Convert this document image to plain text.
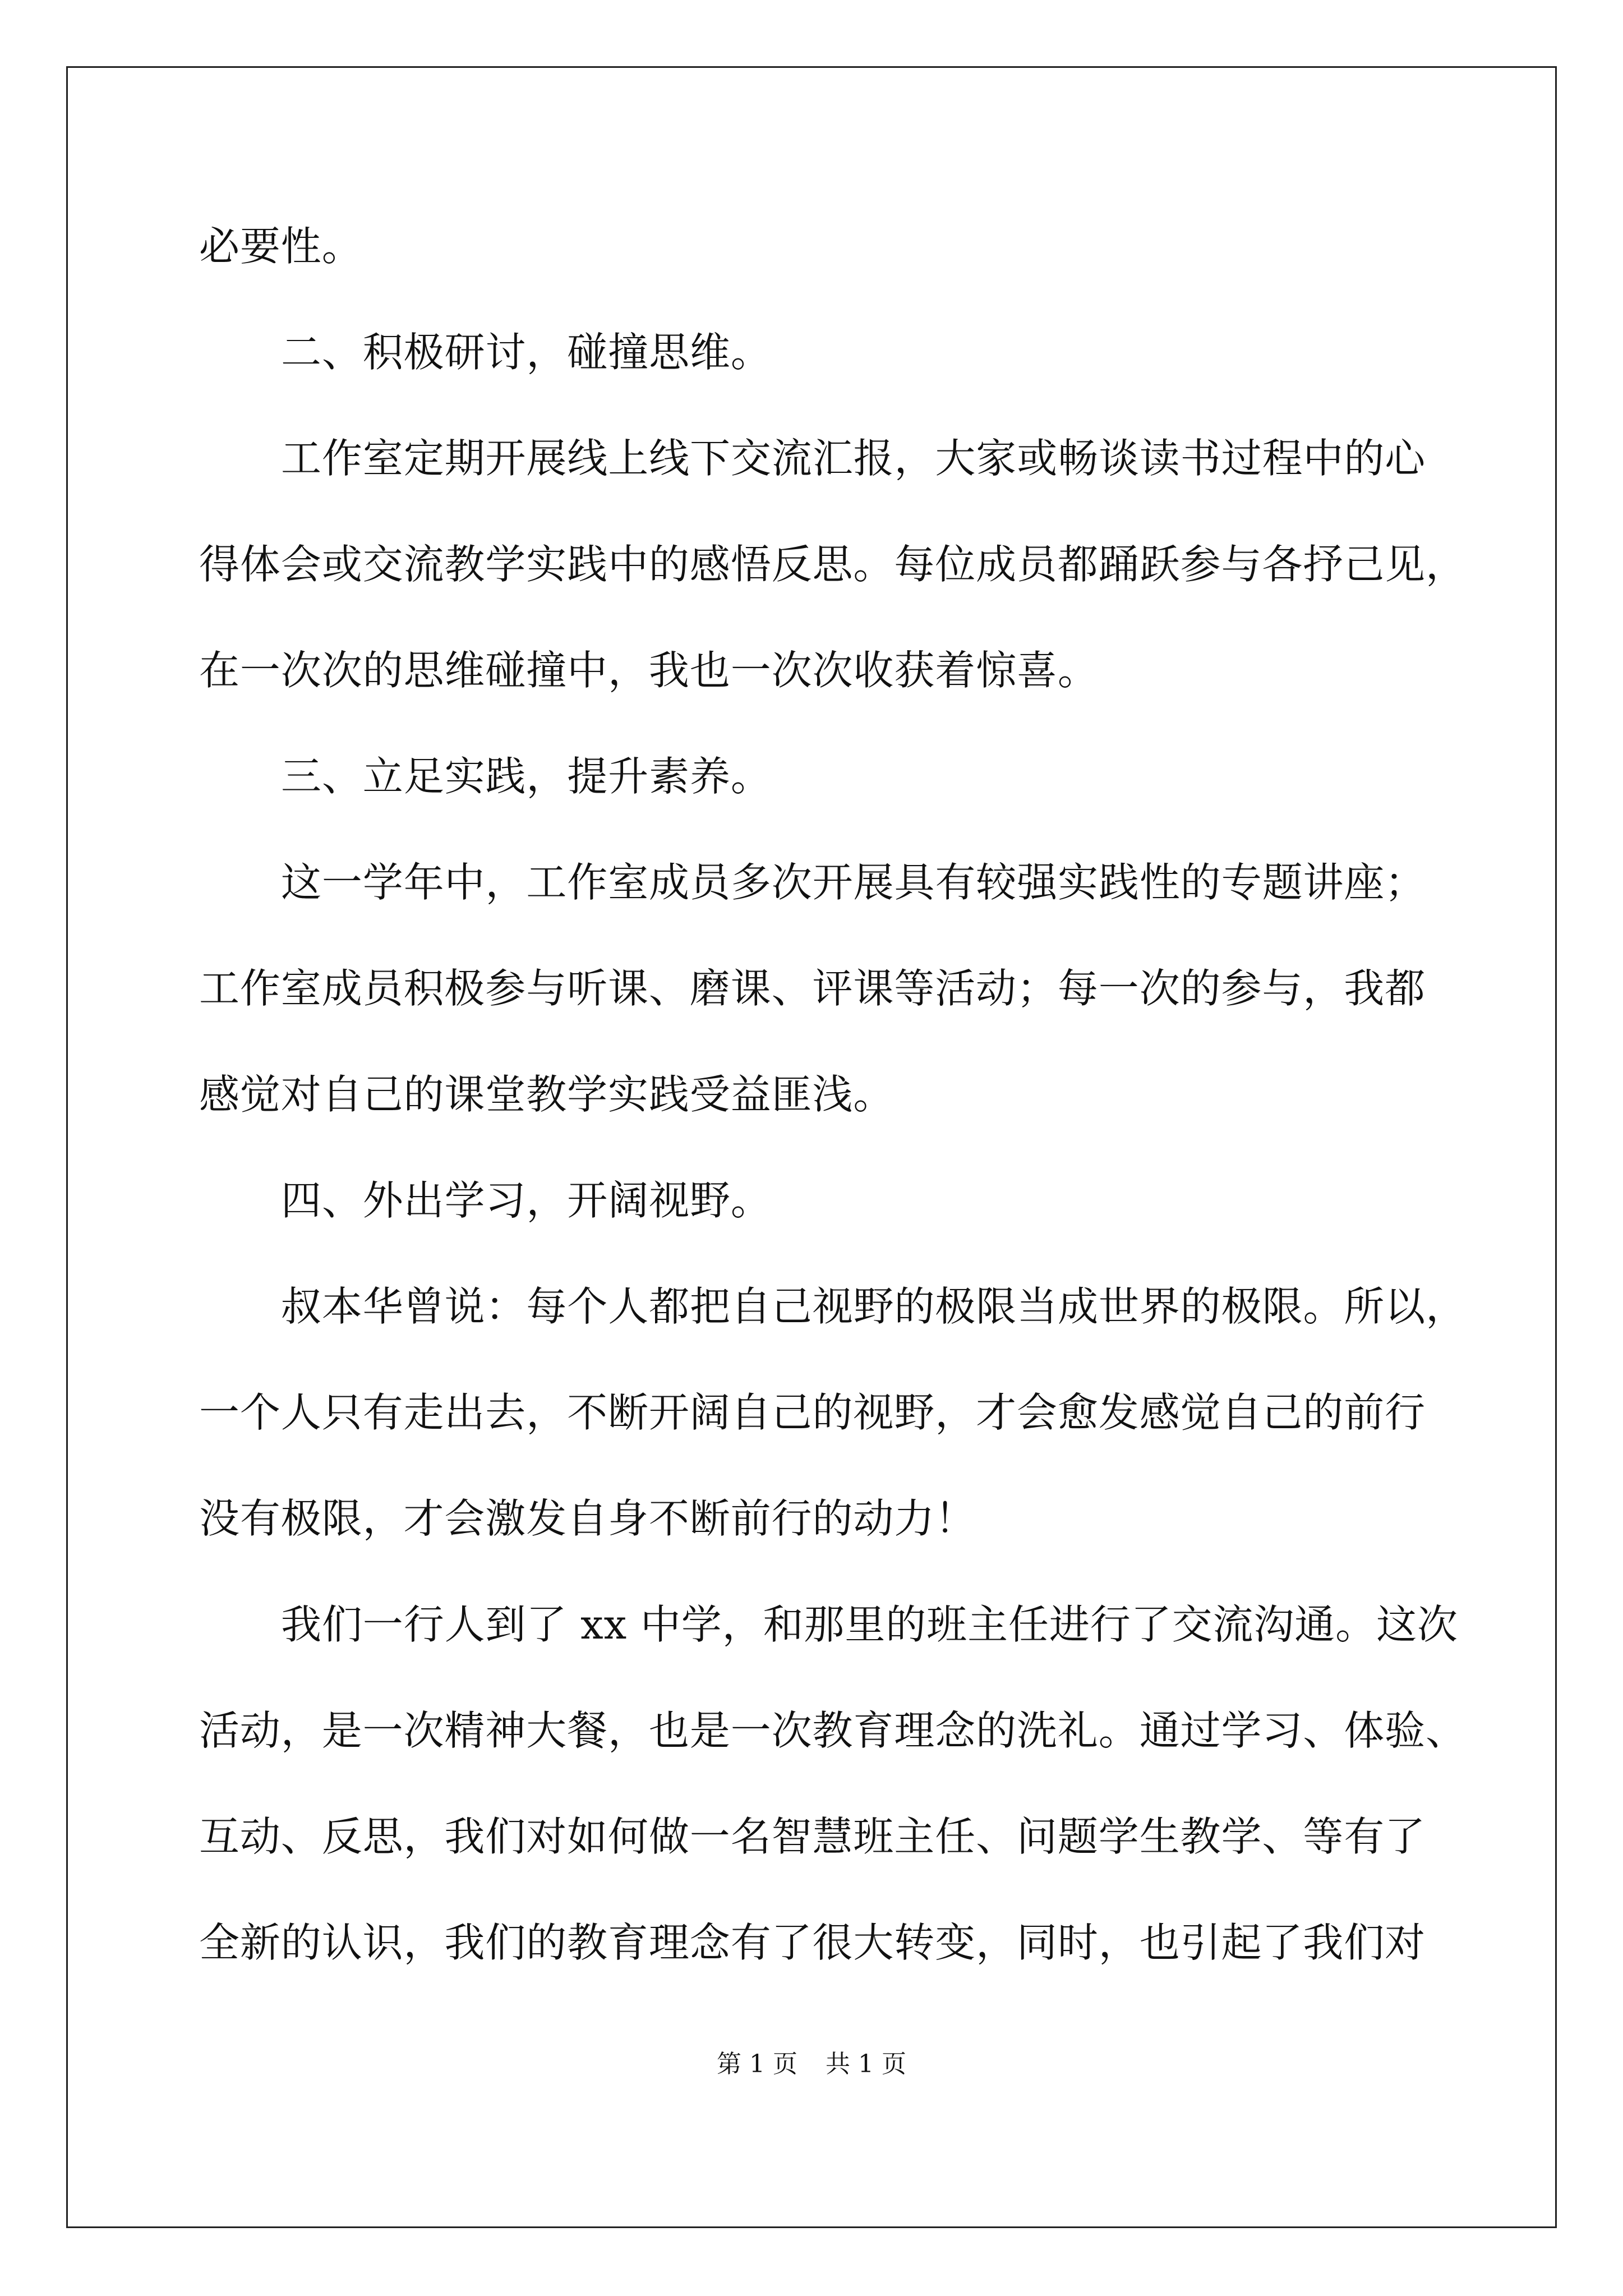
必要性。
二、积极研讨，碰撞思维。
工作室定期开展线上线下交流汇报，大家或畅谈读书过程中的心
得体会或交流教学实践中的感悟反思。每位成员都踊跃参与各抒己见，
在一次次的思维碰撞中，我也一次次收获着惊喜。
三、立足实践，提升素养。
这一学年中，工作室成员多次开展具有较强实践性的专题讲座；
工作室成员积极参与听课、磨课、评课等活动；每一次的参与，我都
感觉对自己的课堂教学实践受益匪浅。
四、外出学习，开阔视野。
叔本华曾说：每个人都把自己视野的极限当成世界的极限。所以，
一个人只有走出去，不断开阔自己的视野，才会愈发感觉自己的前行
没有极限，才会激发自身不断前行的动力！
我们一行人到了 xx 中学，和那里的班主任进行了交流沟通。这次
活动，是一次精神大餐，也是一次教育理念的洗礼。通过学习、体验、
互动、反思，我们对如何做一名智慧班主任、问题学生教学、等有了
全新的认识，我们的教育理念有了很大转变，同时，也引起了我们对
第 1 页 共 1 页
